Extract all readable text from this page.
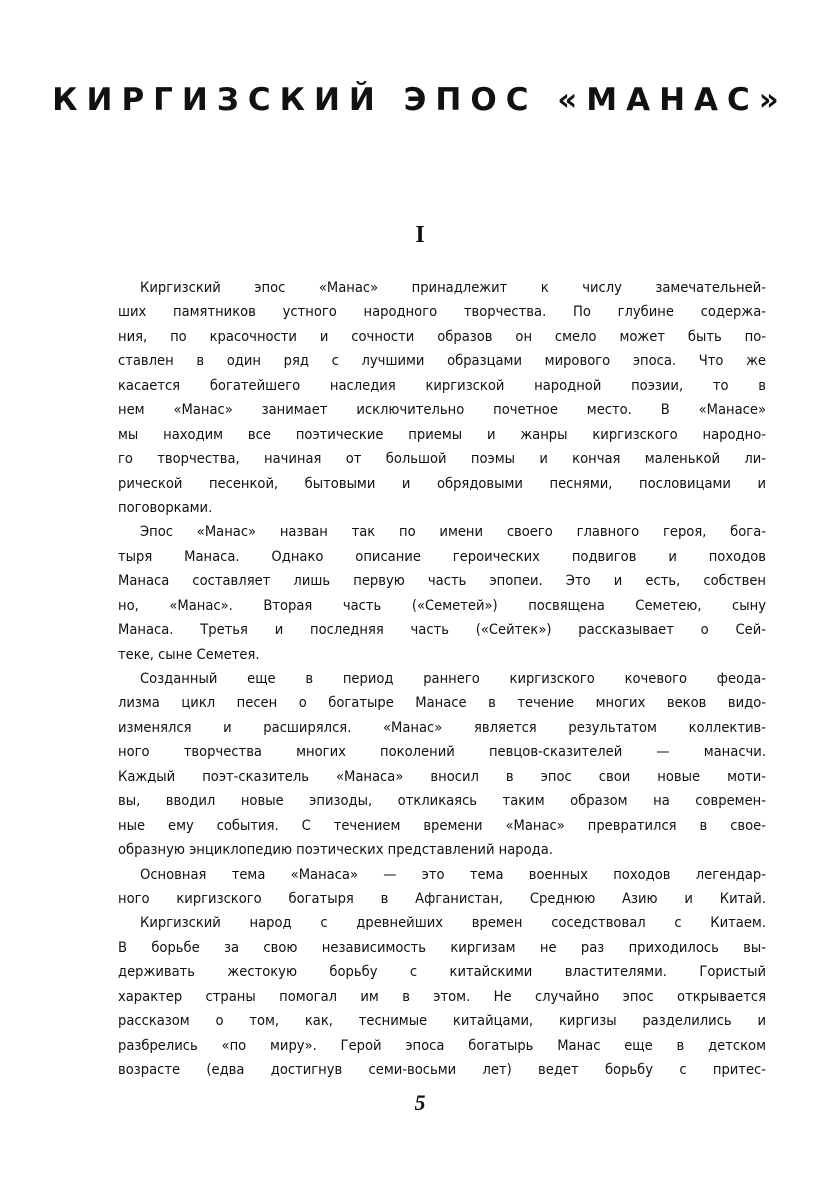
КИРГИЗСКИЙ ЭПОС «МАНАС»
I
Киргизский эпос «Манас» принадлежит к числу замечательней-
ших памятников устного народного творчества. По глубине содержа-
ния, по красочности и сочности образов он смело может быть по-
ставлен в один ряд с лучшими образцами мирового эпоса. Что же
касается богатейшего наследия киргизской народной поэзии, то в
нем «Манас» занимает исключительно почетное место. В «Манасе»
мы находим все поэтические приемы и жанры киргизского народно-
го творчества, начиная от большой поэмы и кончая маленькой ли-
рической песенкой, бытовыми и обрядовыми песнями, пословицами и
поговорками.
Эпос «Манас» назван так по имени своего главного героя, бога-
тыря Манаса. Однако описание героических подвигов и походов
Манаса составляет лишь первую часть эпопеи. Это и есть, собствен
но, «Манас». Вторая часть («Семетей») посвящена Семетею, сыну
Манаса. Третья и последняя часть («Сейтек») рассказывает о Сей-
теке, сыне Семетея.
Созданный еще в период раннего киргизского кочевого феода-
лизма цикл песен о богатыре Манасе в течение многих веков видо-
изменялся и расширялся. «Манас» является результатом коллектив-
ного творчества многих поколений певцов-сказителей — манасчи.
Каждый поэт-сказитель «Манаса» вносил в эпос свои новые моти-
вы, вводил новые эпизоды, откликаясь таким образом на современ-
ные ему события. С течением времени «Манас» превратился в свое-
образную энциклопедию поэтических представлений народа.
Основная тема «Манаса» — это тема военных походов легендар-
ного киргизского богатыря в Афганистан, Среднюю Азию и Китай.
Киргизский народ с древнейших времен соседствовал с Китаем.
В борьбе за свою независимость киргизам не раз приходилось вы-
держивать жестокую борьбу с китайскими властителями. Гористый
характер страны помогал им в этом. Не случайно эпос открывается
рассказом о том, как, теснимые китайцами, киргизы разделились и
разбрелись «по миру». Герой эпоса богатырь Манас еще в детском
возрасте (едва достигнув семи-восьми лет) ведет борьбу с притес-
5
